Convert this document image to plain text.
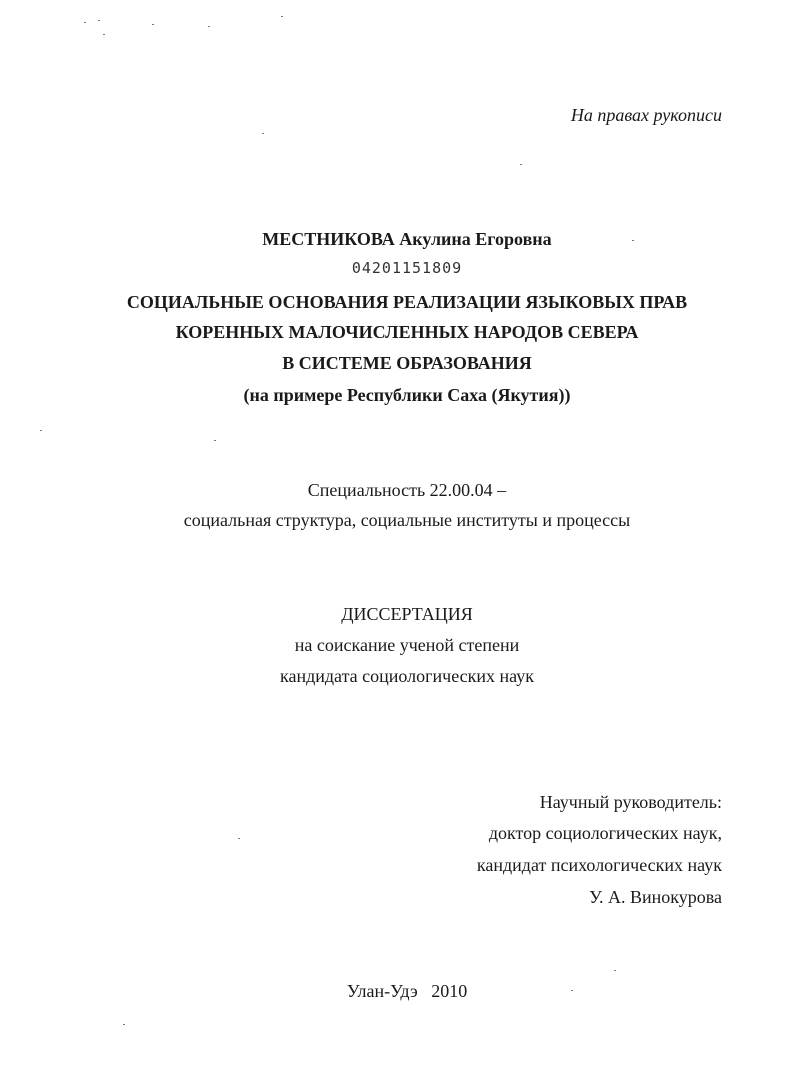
На правах рукописи
МЕСТНИКОВА Акулина Егоровна
04201151809
СОЦИАЛЬНЫЕ ОСНОВАНИЯ РЕАЛИЗАЦИИ ЯЗЫКОВЫХ ПРАВ
КОРЕННЫХ МАЛОЧИСЛЕННЫХ НАРОДОВ СЕВЕРА
В СИСТЕМЕ ОБРАЗОВАНИЯ
(на примере Республики Саха (Якутия))
Специальность 22.00.04 –
социальная структура, социальные институты и процессы
ДИССЕРТАЦИЯ
на соискание ученой степени
кандидата социологических наук
Научный руководитель:
доктор социологических наук,
кандидат психологических наук
У. А. Винокурова
Улан-Удэ 2010
